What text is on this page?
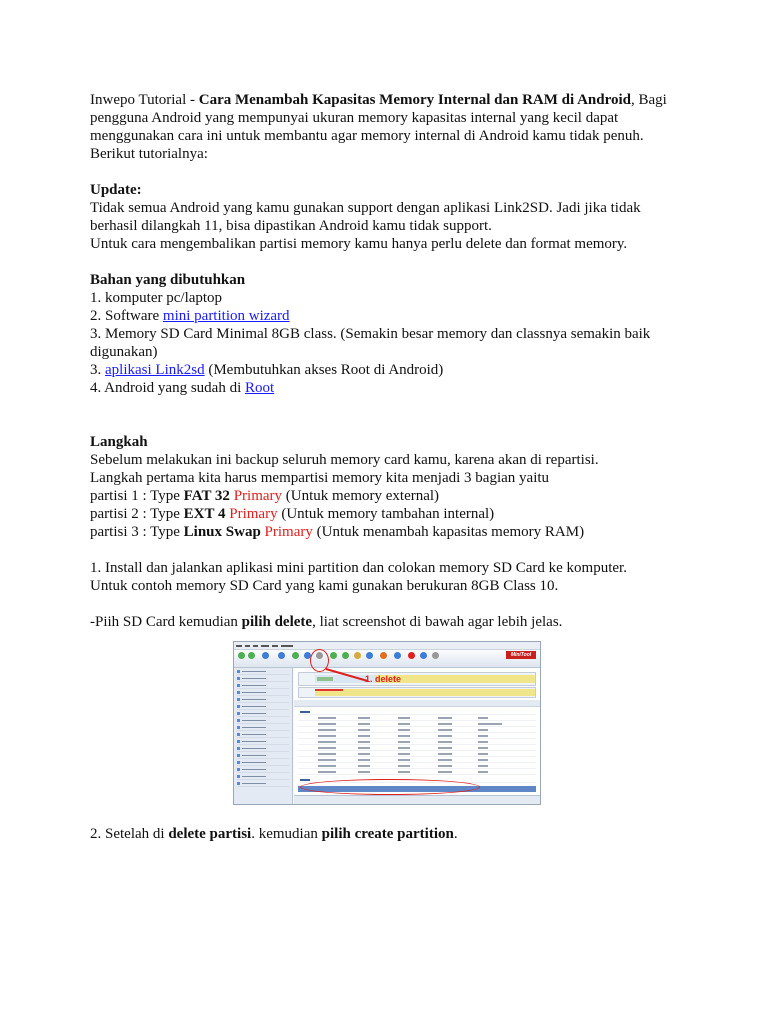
Inwepo Tutorial - Cara Menambah Kapasitas Memory Internal dan RAM di Android, Bagi pengguna Android yang mempunyai ukuran memory kapasitas internal yang kecil dapat menggunakan cara ini untuk membantu agar memory internal di Android kamu tidak penuh. Berikut tutorialnya:

Update:

Tidak semua Android yang kamu gunakan support dengan aplikasi Link2SD. Jadi jika tidak berhasil dilangkah 11, bisa dipastikan Android kamu tidak support.

Untuk cara mengembalikan partisi memory kamu hanya perlu delete dan format memory.

Bahan yang dibutuhkan

1. komputer pc/laptop

2. Software mini partition wizard

3. Memory SD Card Minimal 8GB class. (Semakin besar memory dan classnya semakin baik digunakan)

3. aplikasi Link2sd (Membutuhkan akses Root di Android)

4. Android yang sudah di Root

Langkah

Sebelum melakukan ini backup seluruh memory card kamu, karena akan di repartisi.

Langkah pertama kita harus mempartisi memory kita menjadi 3 bagian yaitu

partisi 1 : Type FAT 32 Primary (Untuk memory external)

partisi 2 : Type EXT 4 Primary (Untuk memory tambahan internal)

partisi 3 : Type Linux Swap Primary (Untuk menambah kapasitas memory RAM)

1. Install dan jalankan aplikasi mini partition dan colokan memory SD Card ke komputer.

Untuk contoh memory SD Card yang kami gunakan berukuran 8GB Class 10.

-Piih SD Card kemudian pilih delete, liat screenshot di bawah agar lebih jelas.

MiniTool
1. delete

2. Setelah di delete partisi. kemudian pilih create partition.
